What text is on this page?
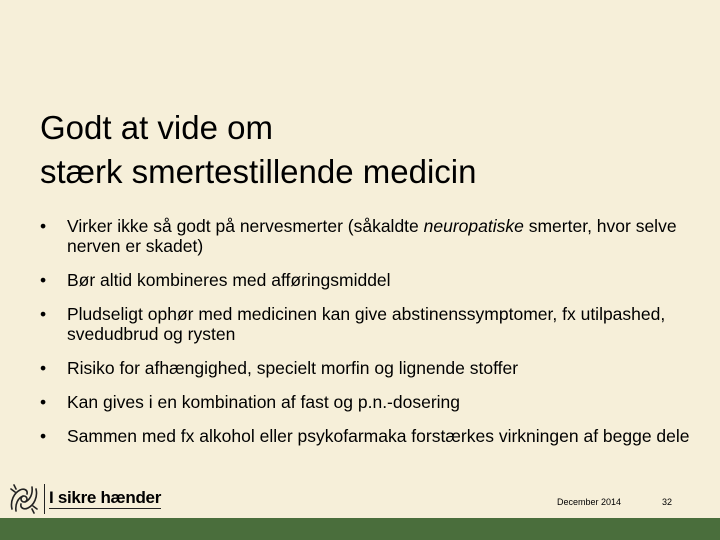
Godt at vide om
stærk smertestillende medicin
• Virker ikke så godt på nervesmerter (såkaldte neuropatiske smerter, hvor selve nerven er skadet)
• Bør altid kombineres med afføringsmiddel
• Pludseligt ophør med medicinen kan give abstinenssymptomer, fx utilpashed, svedudbrud og rysten
• Risiko for afhængighed, specielt morfin og lignende stoffer
• Kan gives i en kombination af fast og p.n.-dosering
• Sammen med fx alkohol eller psykofarmaka forstærkes virkningen af begge dele
I sikre hænder	December 2014	32
